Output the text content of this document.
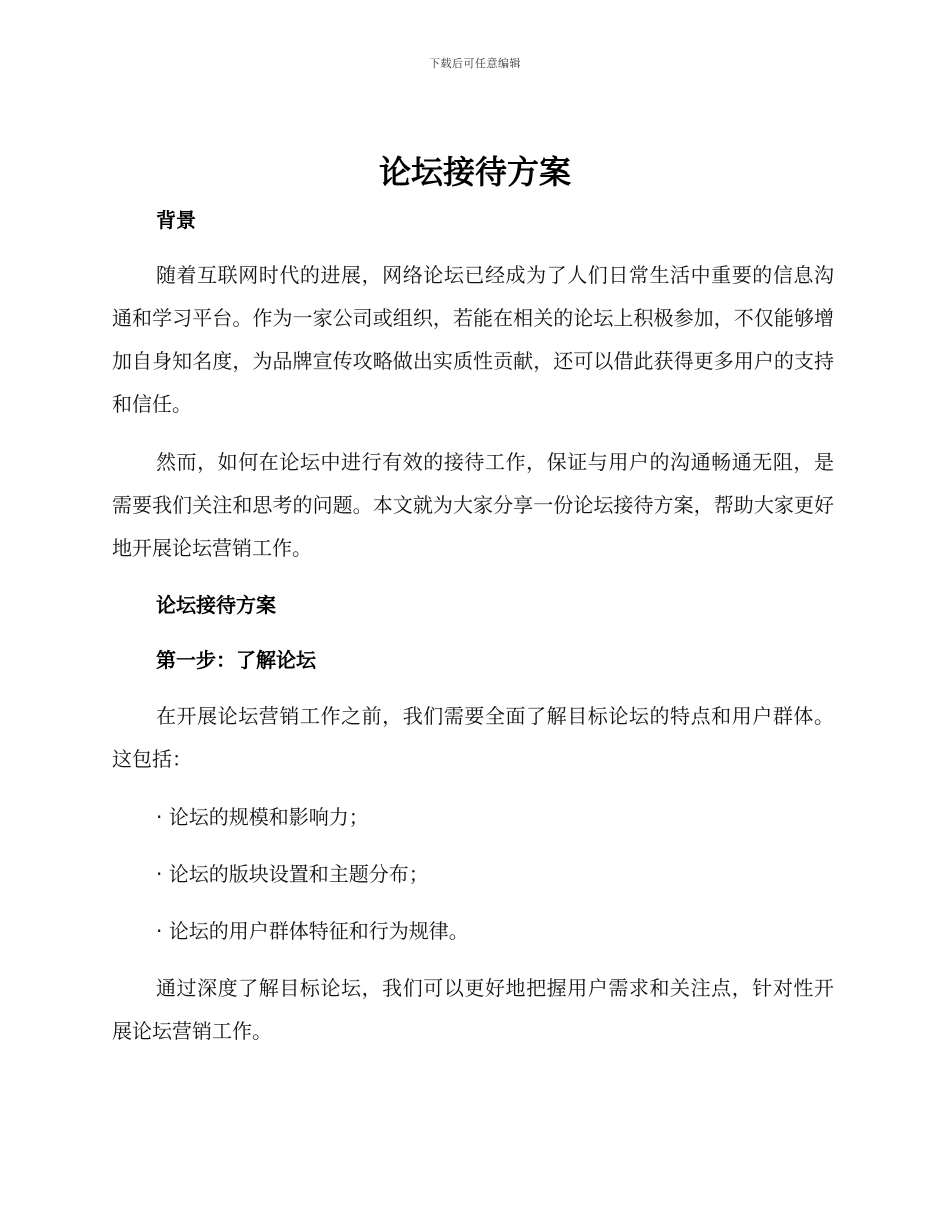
下载后可任意编辑
论坛接待方案
背景

随着互联网时代的进展，网络论坛已经成为了人们日常生活中重要的信息沟通和学习平台。作为一家公司或组织，若能在相关的论坛上积极参加，不仅能够增加自身知名度，为品牌宣传攻略做出实质性贡献，还可以借此获得更多用户的支持和信任。

然而，如何在论坛中进行有效的接待工作，保证与用户的沟通畅通无阻，是需要我们关注和思考的问题。本文就为大家分享一份论坛接待方案，帮助大家更好地开展论坛营销工作。

论坛接待方案
第一步：了解论坛

在开展论坛营销工作之前，我们需要全面了解目标论坛的特点和用户群体。这包括：

· 论坛的规模和影响力；

· 论坛的版块设置和主题分布；

· 论坛的用户群体特征和行为规律。

通过深度了解目标论坛，我们可以更好地把握用户需求和关注点，针对性开展论坛营销工作。
